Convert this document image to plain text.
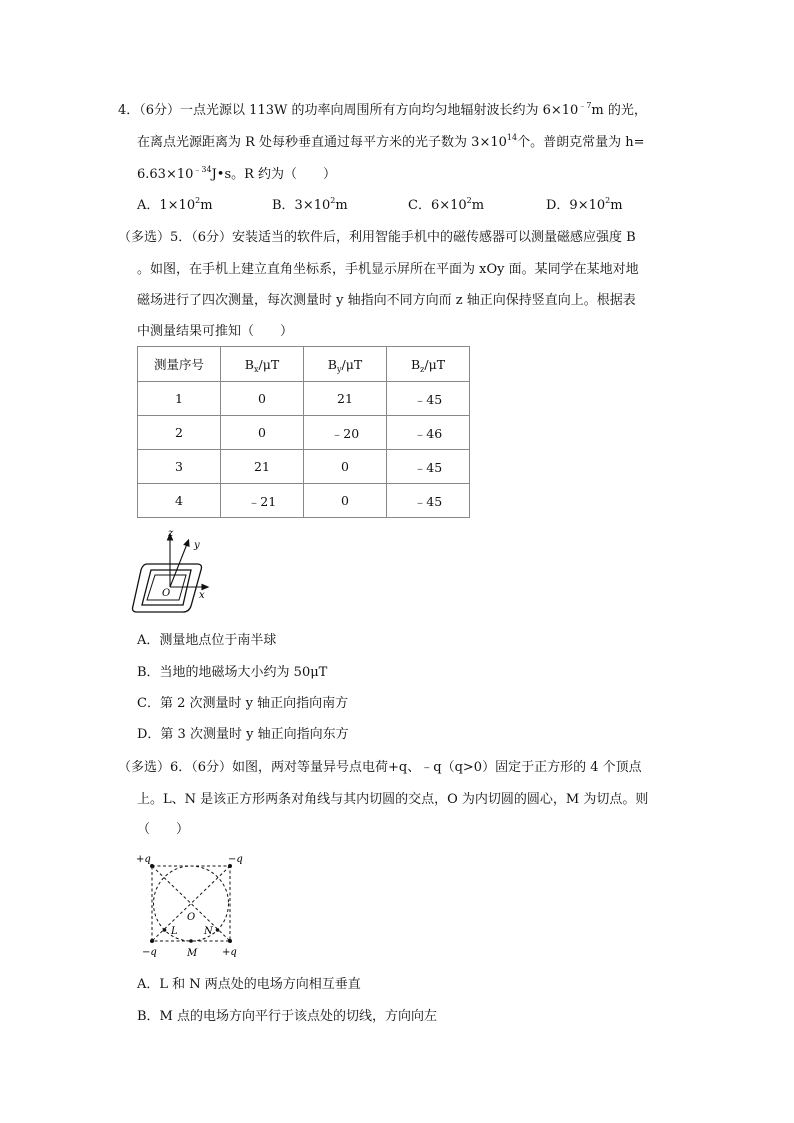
4．（6分）一点光源以 113W 的功率向周围所有方向均匀地辐射波长约为 $6\times 10^{﹣7}m$ 的光，
在离点光源距离为 R 处每秒垂直通过每平方米的光子数为 $3\times 10^{14}$个。普朗克常量为 h=
$6.63\times 10^{﹣34}J•s$。R 约为（　　）
A．$1\times 10^2m$	B．$3\times 10^2m$	C．$6\times 10^2m$	D．$9\times 10^2m$
（多选）5．（6分）安装适当的软件后，利用智能手机中的磁传感器可以测量磁感应强度 B
。如图，在手机上建立直角坐标系，手机显示屏所在平面为 xOy 面。某同学在某地对地
磁场进行了四次测量，每次测量时 y 轴指向不同方向而 z 轴正向保持竖直向上。根据表
中测量结果可推知（　　）
测量序号	$B_x/\mu T$	$B_y/\mu T$	$B_z/\mu T$
1	0	21	﹣45
2	0	﹣20	﹣46
3	21	0	﹣45
4	﹣21	0	﹣45
z
y
x
O
A．测量地点位于南半球
B．当地的地磁场大小约为 50μT
C．第 2 次测量时 y 轴正向指向南方
D．第 3 次测量时 y 轴正向指向东方
（多选）6．（6分）如图，两对等量异号点电荷+q、﹣q（q>0）固定于正方形的 4 个顶点
上。L、N 是该正方形两条对角线与其内切圆的交点，O 为内切圆的圆心，M 为切点。则
（　　）
+q	−q
−q	+q
O
L	N
M
A．L 和 N 两点处的电场方向相互垂直
B．M 点的电场方向平行于该点处的切线，方向向左
